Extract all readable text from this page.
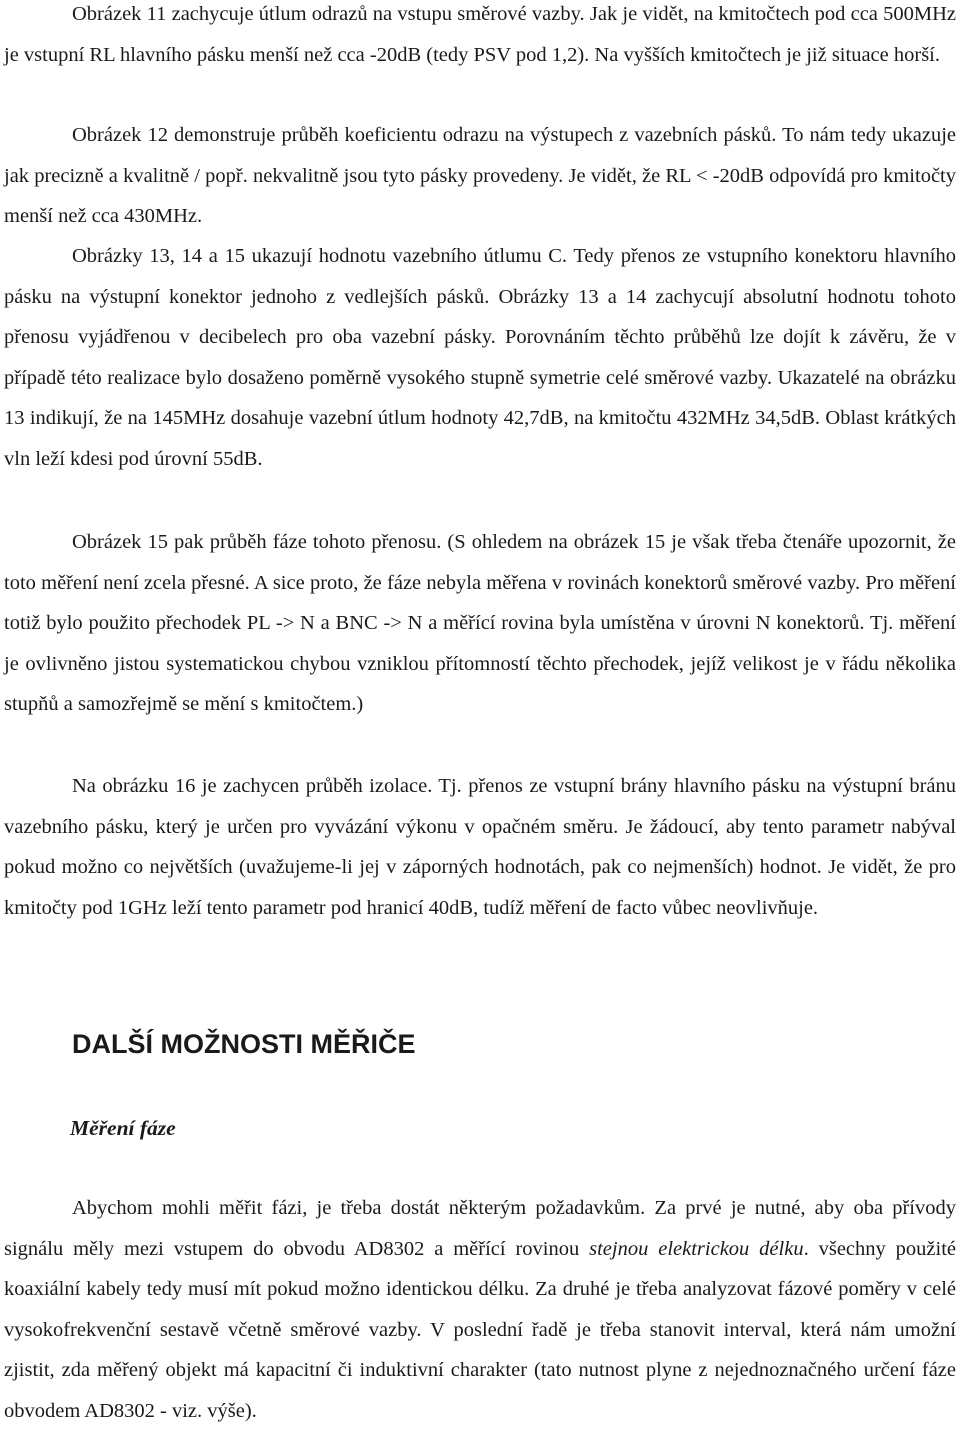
Obrázek 11 zachycuje útlum odrazů na vstupu směrové vazby. Jak je vidět, na kmitočtech pod cca 500MHz je vstupní RL hlavního pásku menší než cca -20dB (tedy PSV pod 1,2). Na vyšších kmitočtech je již situace horší.

Obrázek 12 demonstruje průběh koeficientu odrazu na výstupech z vazebních pásků. To nám tedy ukazuje jak precizně a kvalitně / popř. nekvalitně jsou tyto pásky provedeny. Je vidět, že RL < -20dB odpovídá pro kmitočty menší než cca 430MHz.

Obrázky 13, 14 a 15 ukazují hodnotu vazebního útlumu C. Tedy přenos ze vstupního konektoru hlavního pásku na výstupní konektor jednoho z vedlejších pásků. Obrázky 13 a 14 zachycují absolutní hodnotu tohoto přenosu vyjádřenou v decibelech pro oba vazební pásky. Porovnáním těchto průběhů lze dojít k závěru, že v případě této realizace bylo dosaženo poměrně vysokého stupně symetrie celé směrové vazby. Ukazatelé na obrázku 13 indikují, že na 145MHz dosahuje vazební útlum hodnoty 42,7dB, na kmitočtu 432MHz 34,5dB. Oblast krátkých vln leží kdesi pod úrovní 55dB.

Obrázek 15 pak průběh fáze tohoto přenosu. (S ohledem na obrázek 15 je však třeba čtenáře upozornit, že toto měření není zcela přesné. A sice proto, že fáze nebyla měřena v rovinách konektorů směrové vazby. Pro měření totiž bylo použito přechodek PL -> N a BNC -> N a měřící rovina byla umístěna v úrovni N konektorů. Tj. měření je ovlivněno jistou systematickou chybou vzniklou přítomností těchto přechodek, jejíž velikost je v řádu několika stupňů a samozřejmě se mění s kmitočtem.)

Na obrázku 16 je zachycen průběh izolace. Tj. přenos ze vstupní brány hlavního pásku na výstupní bránu vazebního pásku, který je určen pro vyvázání výkonu v opačném směru. Je žádoucí, aby tento parametr nabýval pokud možno co největších (uvažujeme-li jej v záporných hodnotách, pak co nejmenších) hodnot. Je vidět, že pro kmitočty pod 1GHz leží tento parametr pod hranicí 40dB, tudíž měření de facto vůbec neovlivňuje.

DALŠÍ MOŽNOSTI MĚŘIČE
Měření fáze

Abychom mohli měřit fázi, je třeba dostát některým požadavkům. Za prvé je nutné, aby oba přívody signálu měly mezi vstupem do obvodu AD8302 a měřící rovinou stejnou elektrickou délku. všechny použité koaxiální kabely tedy musí mít pokud možno identickou délku. Za druhé je třeba analyzovat fázové poměry v celé vysokofrekvenční sestavě včetně směrové vazby. V poslední řadě je třeba stanovit interval, která nám umožní zjistit, zda měřený objekt má kapacitní či induktivní charakter (tato nutnost plyne z nejednoznačného určení fáze obvodem AD8302 - viz. výše).
